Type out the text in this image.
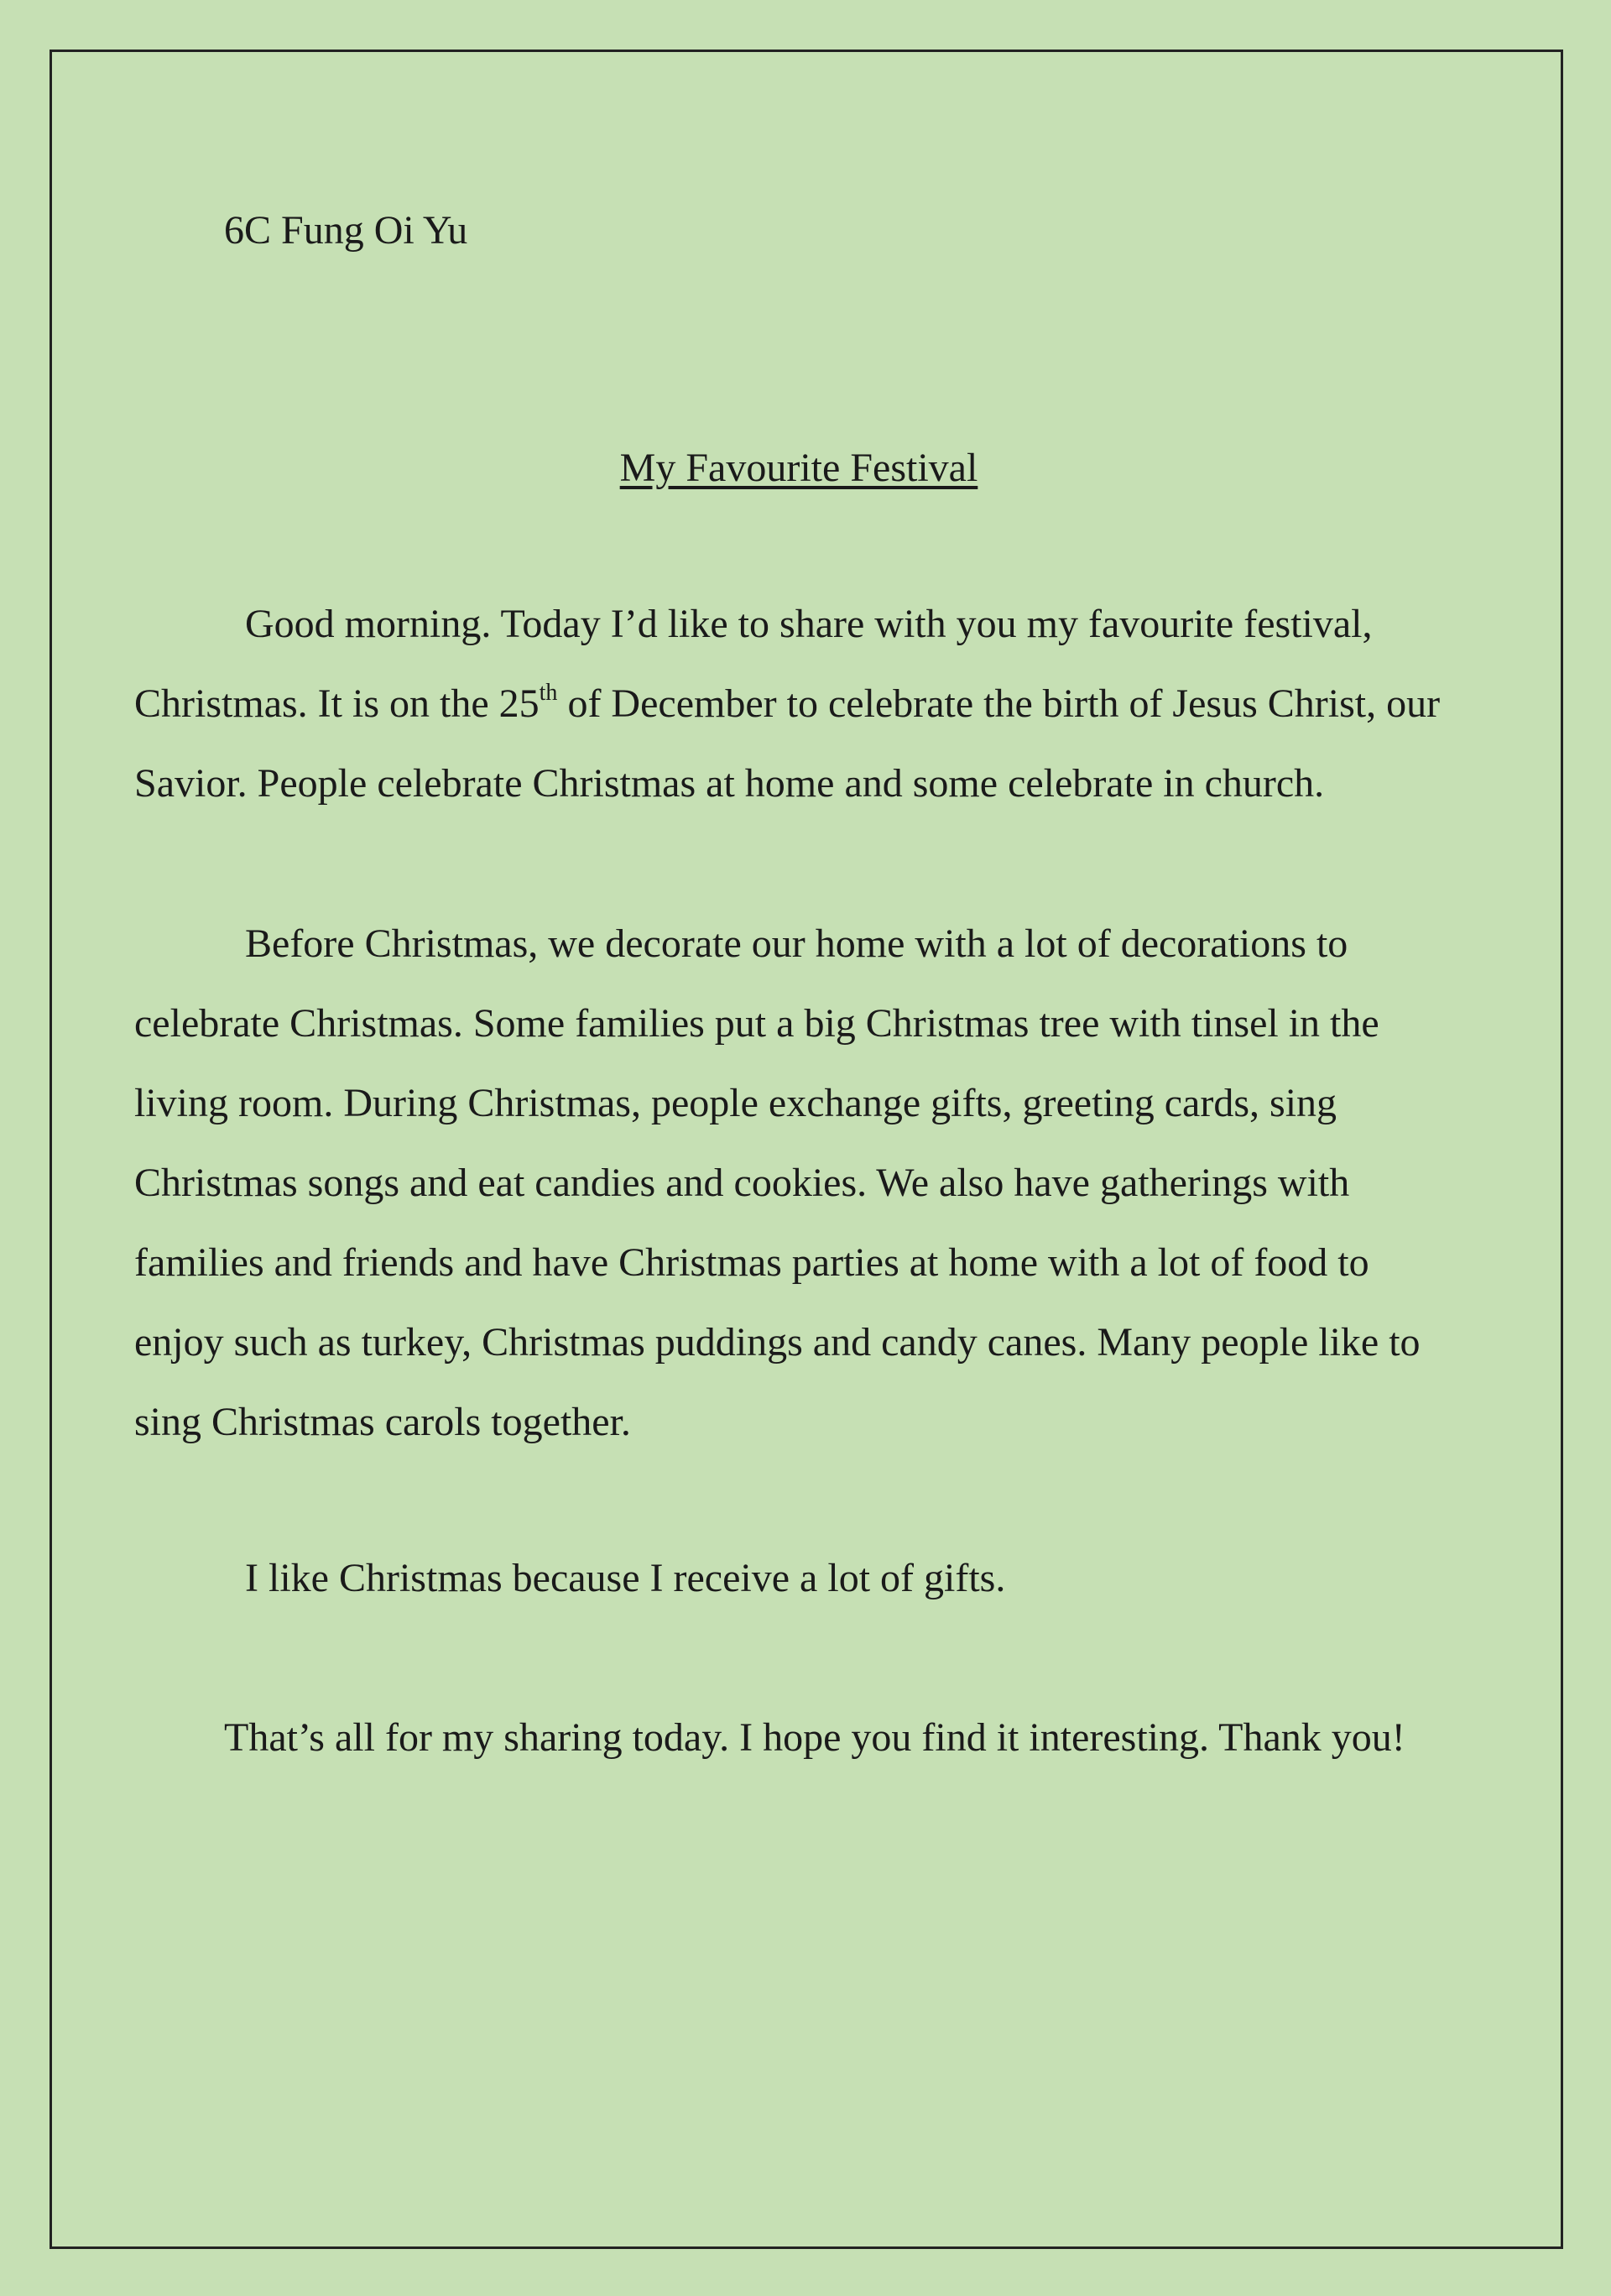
6C Fung Oi Yu
My Favourite Festival
Good morning. Today I’d like to share with you my favourite festival,
Christmas. It is on the 25th of December to celebrate the birth of Jesus Christ, our
Savior. People celebrate Christmas at home and some celebrate in church.
Before Christmas, we decorate our home with a lot of decorations to
celebrate Christmas. Some families put a big Christmas tree with tinsel in the
living room. During Christmas, people exchange gifts, greeting cards, sing
Christmas songs and eat candies and cookies. We also have gatherings with
families and friends and have Christmas parties at home with a lot of food to
enjoy such as turkey, Christmas puddings and candy canes. Many people like to
sing Christmas carols together.
I like Christmas because I receive a lot of gifts.
That’s all for my sharing today. I hope you find it interesting. Thank you!
